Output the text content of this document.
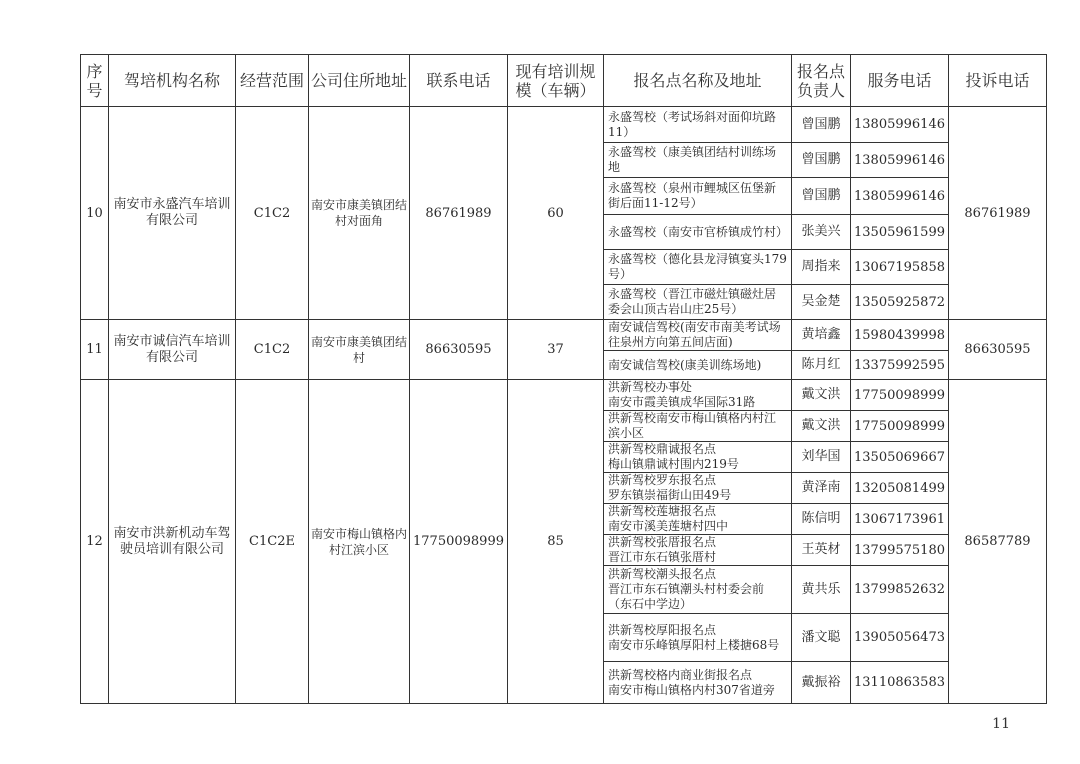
序号	驾培机构名称	经营范围	公司住所地址	联系电话	现有培训规模（车辆）	报名点名称及地址	报名点负责人	服务电话	投诉电话
10	南安市永盛汽车培训有限公司	C1C2	南安市康美镇团结村对面角	86761989	60	永盛驾校（考试场斜对面仰坑路11）	曾国鹏	13805996146	86761989

						永盛驾校（康美镇团结村训练场地	曾国鹏	13805996146	

						永盛驾校（泉州市鲤城区伍堡新街后面11-12号）	曾国鹏	13805996146	

						永盛驾校（南安市官桥镇成竹村）	张美兴	13505961599	

						永盛驾校（德化县龙浔镇宴头179号）	周指来	13067195858	

						永盛驾校（晋江市磁灶镇磁灶居委会山顶古岩山庄25号）	吴金楚	13505925872	
11	南安市诚信汽车培训有限公司	C1C2	南安市康美镇团结村	86630595	37	南安诚信驾校(南安市南美考试场往泉州方向第五间店面)	黄培鑫	15980439998	86630595

						南安诚信驾校(康美训练场地)	陈月红	13375992595	
12	南安市洪新机动车驾驶员培训有限公司	C1C2E	南安市梅山镇格内村江滨小区	17750098999	85	洪新驾校办事处
南安市霞美镇成华国际31路	戴文洪	17750098999	86587789

						洪新驾校南安市梅山镇格内村江滨小区	戴文洪	17750098999	

						洪新驾校鼎诚报名点
梅山镇鼎诚村围内219号	刘华国	13505069667	

						洪新驾校罗东报名点
罗东镇崇福街山田49号	黄泽南	13205081499	

						洪新驾校莲塘报名点
南安市溪美莲塘村四中	陈信明	13067173961	

						洪新驾校张厝报名点
晋江市东石镇张厝村	王英材	13799575180	

						洪新驾校潮头报名点
晋江市东石镇潮头村村委会前
（东石中学边）	黄共乐	13799852632	

						洪新驾校厚阳报名点
南安市乐峰镇厚阳村上楼搪68号	潘文聪	13905056473	

						洪新驾校格内商业街报名点
南安市梅山镇格内村307省道旁	戴振裕	13110863583	
11
